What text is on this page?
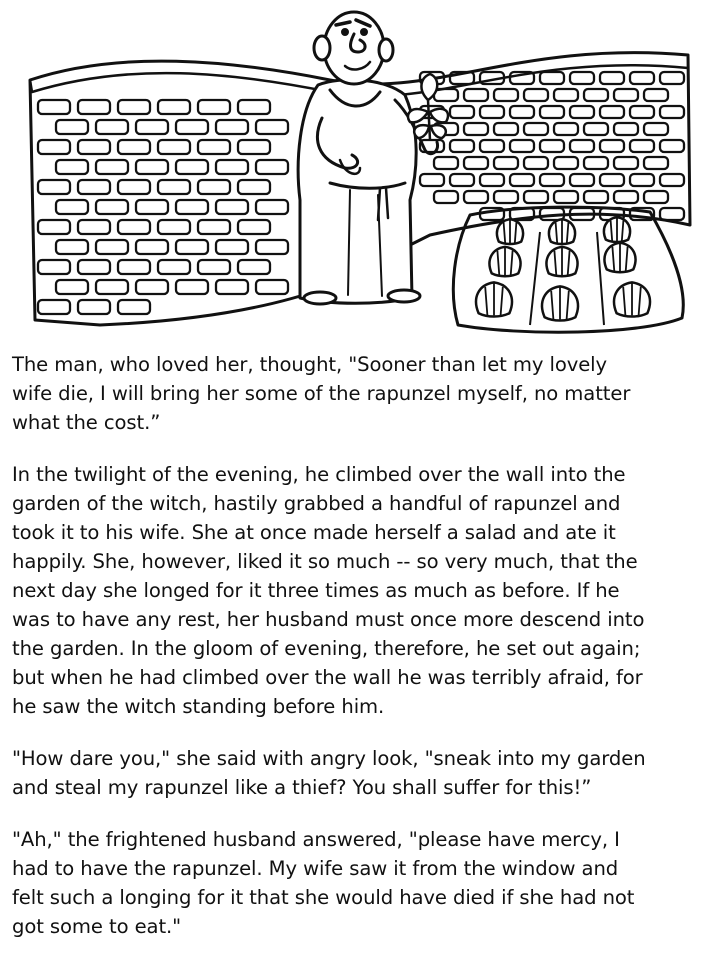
The man, who loved her, thought, "Sooner than let my lovely
wife die, I will bring her some of the rapunzel myself, no matter
what the cost.”

In the twilight of the evening, he climbed over the wall into the
garden of the witch, hastily grabbed a handful of rapunzel and
took it to his wife. She at once made herself a salad and ate it
happily. She, however, liked it so much -- so very much, that the
next day she longed for it three times as much as before. If he
was to have any rest, her husband must once more descend into
the garden. In the gloom of evening, therefore, he set out again;
but when he had climbed over the wall he was terribly afraid, for
he saw the witch standing before him.

"How dare you," she said with angry look, "sneak into my garden
and steal my rapunzel like a thief? You shall suffer for this!”

"Ah," the frightened husband answered, "please have mercy, I
had to have the rapunzel. My wife saw it from the window and
felt such a longing for it that she would have died if she had not
got some to eat."
